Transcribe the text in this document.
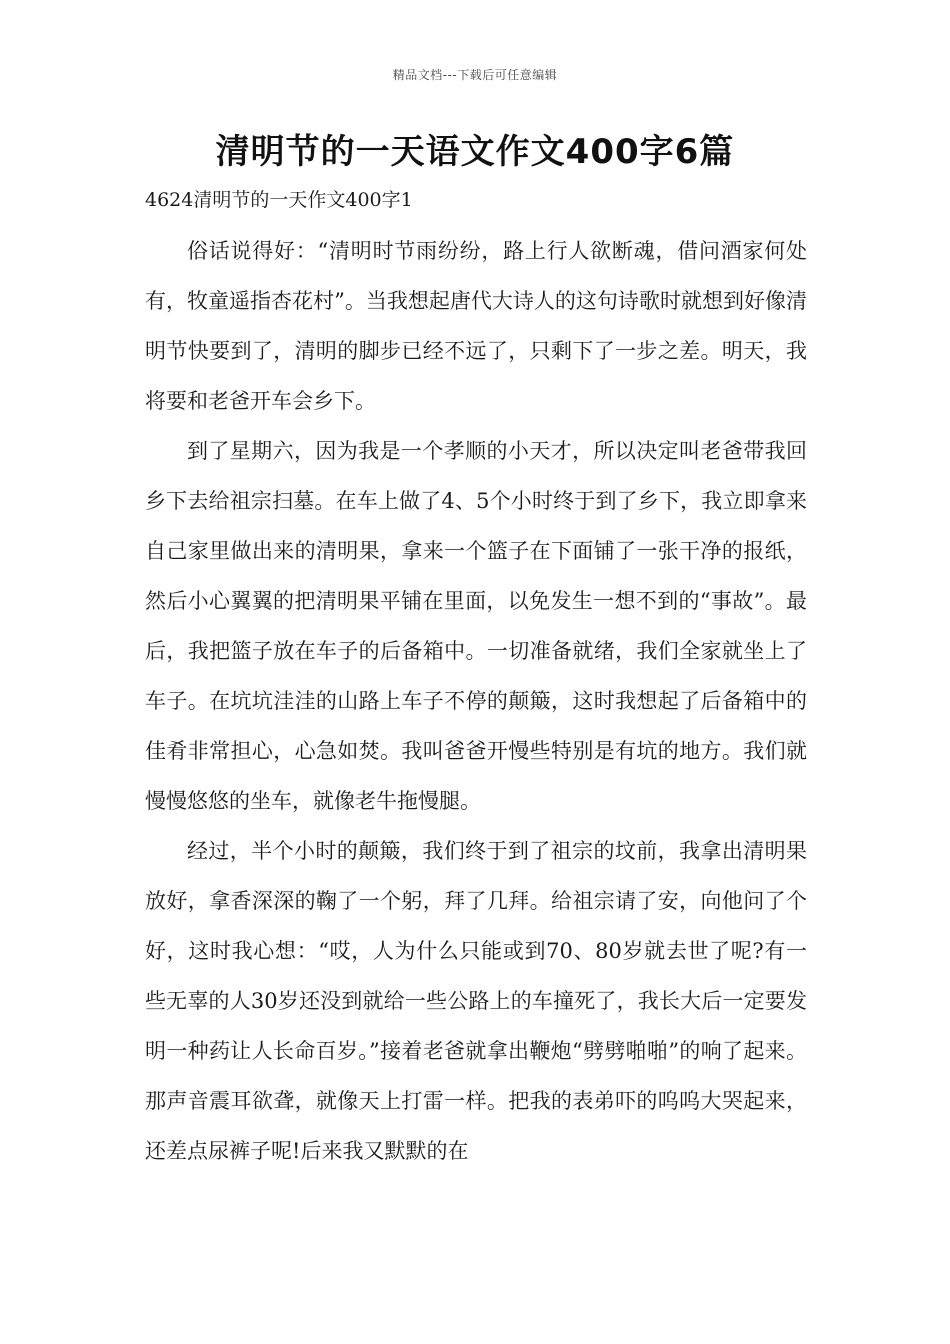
精品文档---下载后可任意编辑
清明节的一天语文作文400字6篇
4624清明节的一天作文400字1

俗话说得好：“清明时节雨纷纷，路上行人欲断魂，借问酒家何处有，牧童遥指杏花村”。当我想起唐代大诗人的这句诗歌时就想到好像清明节快要到了，清明的脚步已经不远了，只剩下了一步之差。明天，我将要和老爸开车会乡下。

到了星期六，因为我是一个孝顺的小天才，所以决定叫老爸带我回乡下去给祖宗扫墓。在车上做了4、5个小时终于到了乡下，我立即拿来自己家里做出来的清明果，拿来一个篮子在下面铺了一张干净的报纸，然后小心翼翼的把清明果平铺在里面，以免发生一想不到的“事故”。最后，我把篮子放在车子的后备箱中。一切准备就绪，我们全家就坐上了车子。在坑坑洼洼的山路上车子不停的颠簸，这时我想起了后备箱中的佳肴非常担心，心急如焚。我叫爸爸开慢些特别是有坑的地方。我们就慢慢悠悠的坐车，就像老牛拖慢腿。

经过，半个小时的颠簸，我们终于到了祖宗的坟前，我拿出清明果放好，拿香深深的鞠了一个躬，拜了几拜。给祖宗请了安，向他问了个好，这时我心想：“哎，人为什么只能或到70、80岁就去世了呢?有一些无辜的人30岁还没到就给一些公路上的车撞死了，我长大后一定要发明一种药让人长命百岁。”接着老爸就拿出鞭炮“劈劈啪啪”的响了起来。那声音震耳欲聋，就像天上打雷一样。把我的表弟吓的呜呜大哭起来，还差点尿裤子呢!后来我又默默的在
